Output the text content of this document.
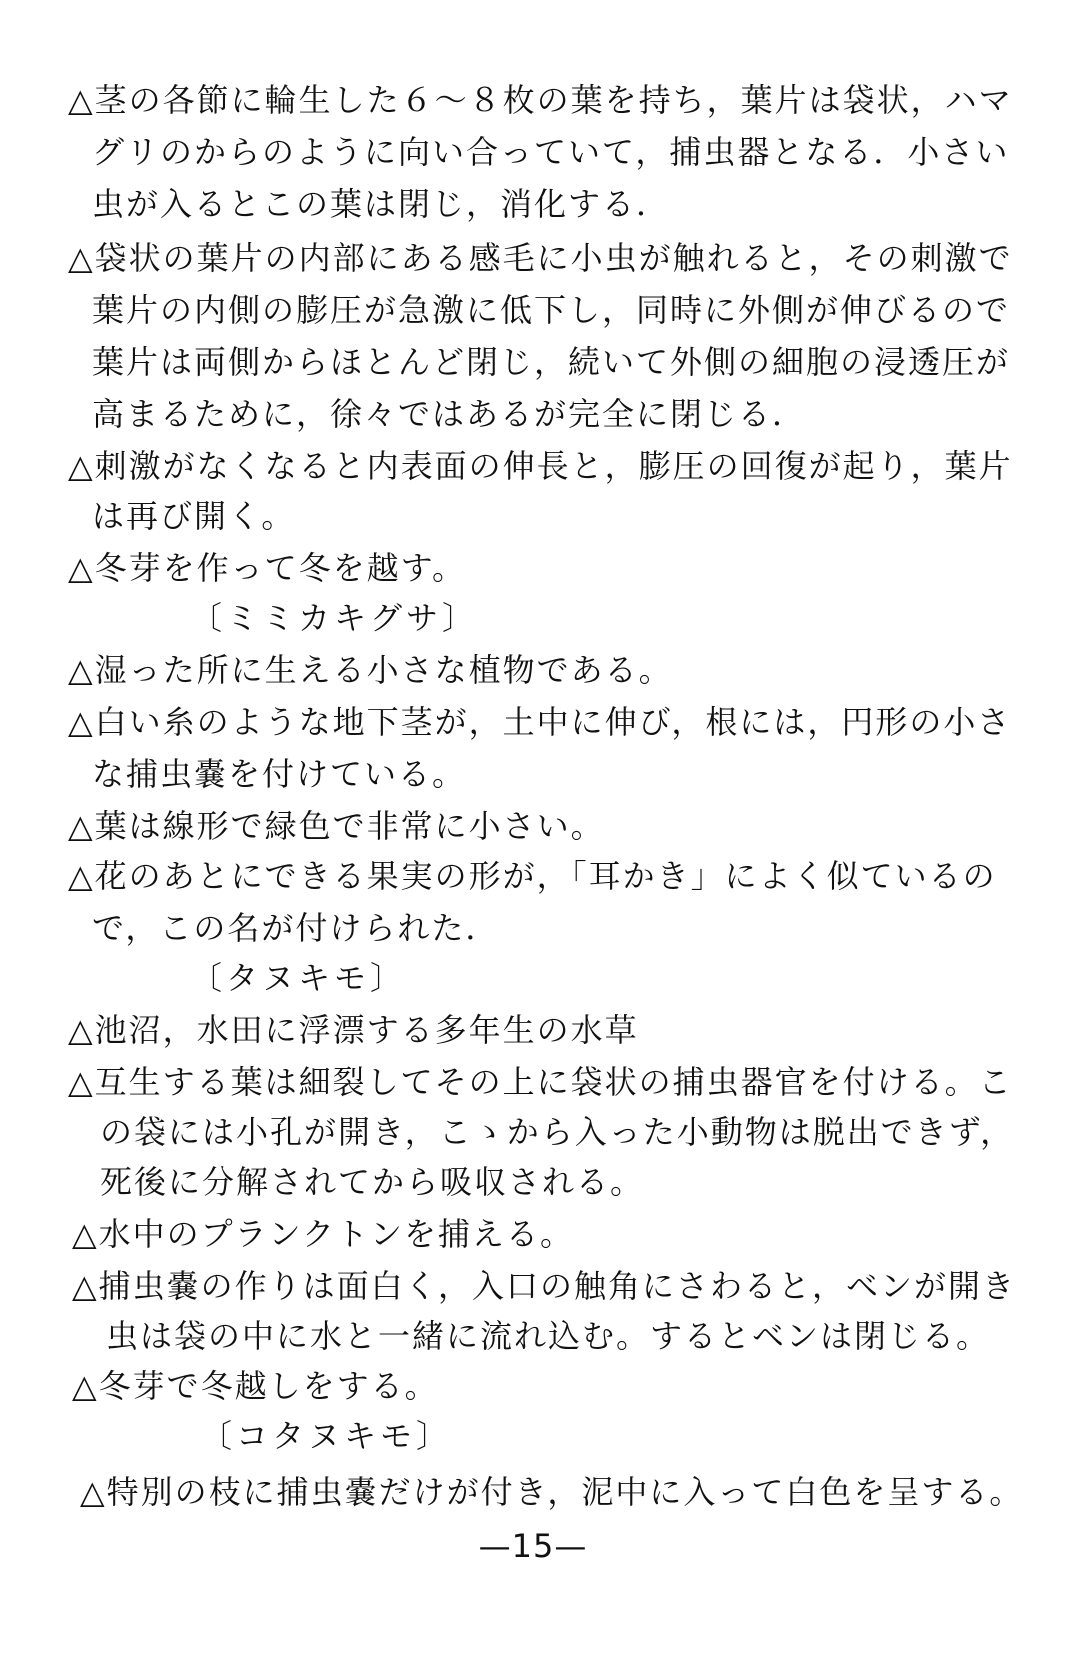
△茎の各節に輪生した６～８枚の葉を持ち，葉片は袋状，ハマ
グリのからのように向い合っていて，捕虫器となる．小さい
虫が入るとこの葉は閉じ，消化する．
△袋状の葉片の内部にある感毛に小虫が触れると，その刺激で
葉片の内側の膨圧が急激に低下し，同時に外側が伸びるので
葉片は両側からほとんど閉じ，続いて外側の細胞の浸透圧が
高まるために，徐々ではあるが完全に閉じる．
△刺激がなくなると内表面の伸長と，膨圧の回復が起り，葉片
は再び開く。
△冬芽を作って冬を越す。
〔ミミカキグサ〕
△湿った所に生える小さな植物である。
△白い糸のような地下茎が，土中に伸び，根には，円形の小さ
な捕虫嚢を付けている。
△葉は線形で緑色で非常に小さい。
△花のあとにできる果実の形が，「耳かき」によく似ているの
で，この名が付けられた．
〔タヌキモ〕
△池沼，水田に浮漂する多年生の水草
△互生する葉は細裂してその上に袋状の捕虫器官を付ける。こ
の袋には小孔が開き，こゝから入った小動物は脱出できず，
死後に分解されてから吸収される。
△水中のプランクトンを捕える。
△捕虫嚢の作りは面白く，入口の触角にさわると，ベンが開き
虫は袋の中に水と一緒に流れ込む。するとベンは閉じる。
△冬芽で冬越しをする。
〔コタヌキモ〕
△特別の枝に捕虫嚢だけが付き，泥中に入って白色を呈する。
—15—
